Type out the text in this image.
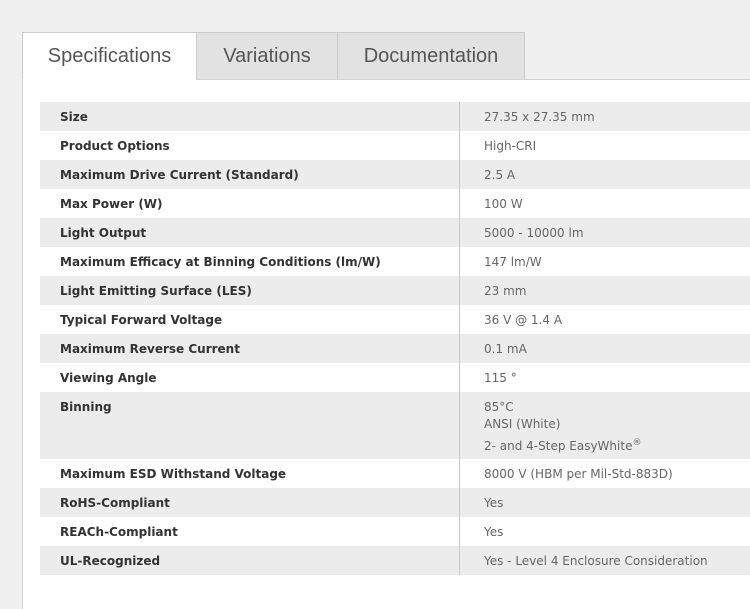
Specifications	Variations	Documentation
Size	27.35 x 27.35 mm
Product Options	High-CRI
Maximum Drive Current (Standard)	2.5 A
Max Power (W)	100 W
Light Output	5000 - 10000 lm
Maximum Efficacy at Binning Conditions (lm/W)	147 lm/W
Light Emitting Surface (LES)	23 mm
Typical Forward Voltage	36 V @ 1.4 A
Maximum Reverse Current	0.1 mA
Viewing Angle	115 °
Binning	85°C
ANSI (White)
2- and 4-Step EasyWhite®

Maximum ESD Withstand Voltage	8000 V (HBM per Mil-Std-883D)
RoHS-Compliant	Yes
REACh-Compliant	Yes
UL-Recognized	Yes - Level 4 Enclosure Consideration
